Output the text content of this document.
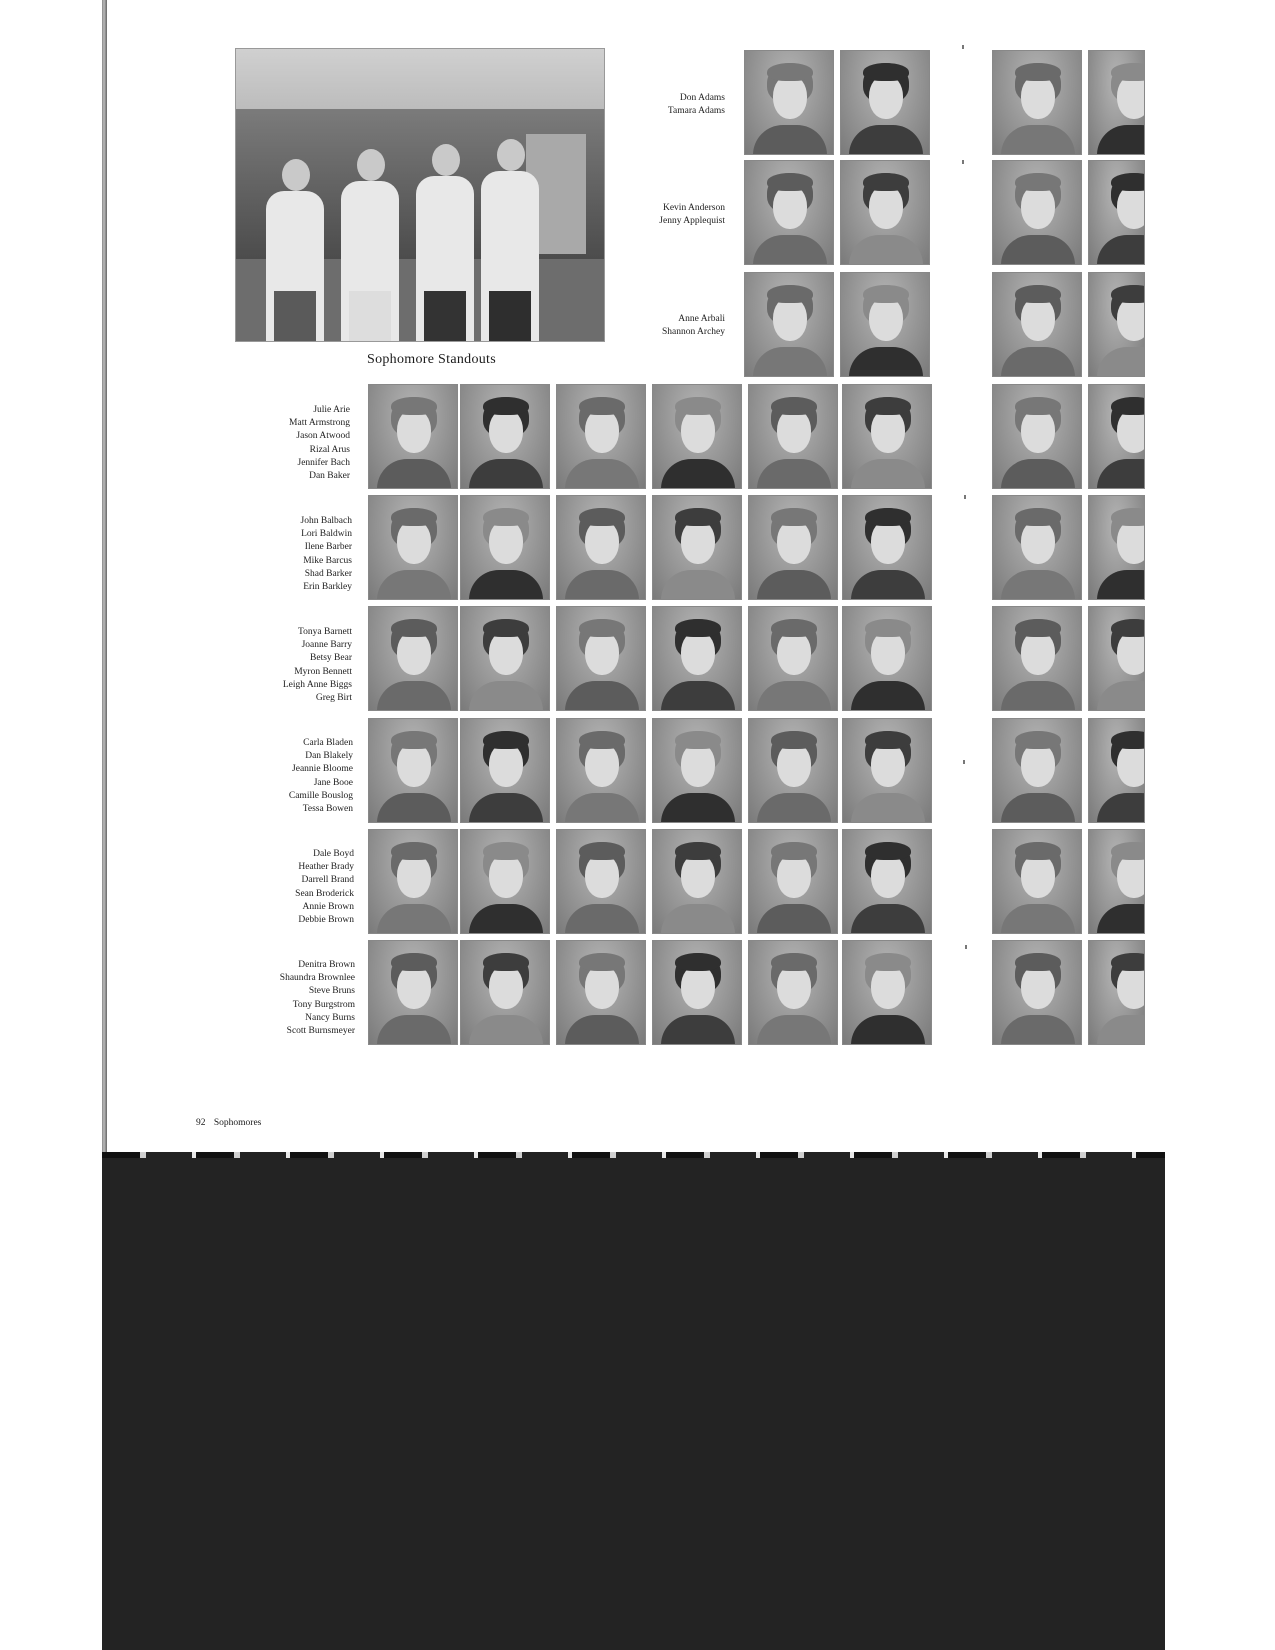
Sophomore Standouts
Don Adams
Tamara Adams
Kevin Anderson
Jenny Applequist
Anne Arbali
Shannon Archey
Julie Arie
Matt Armstrong
Jason Atwood
Rizal Arus
Jennifer Bach
Dan Baker
John Balbach
Lori Baldwin
Ilene Barber
Mike Barcus
Shad Barker
Erin Barkley
Tonya Barnett
Joanne Barry
Betsy Bear
Myron Bennett
Leigh Anne Biggs
Greg Birt
Carla Bladen
Dan Blakely
Jeannie Bloome
Jane Booe
Camille Bouslog
Tessa Bowen
Dale Boyd
Heather Brady
Darrell Brand
Sean Broderick
Annie Brown
Debbie Brown
Denitra Brown
Shaundra Brownlee
Steve Bruns
Tony Burgstrom
Nancy Burns
Scott Burnsmeyer
92 Sophomores
